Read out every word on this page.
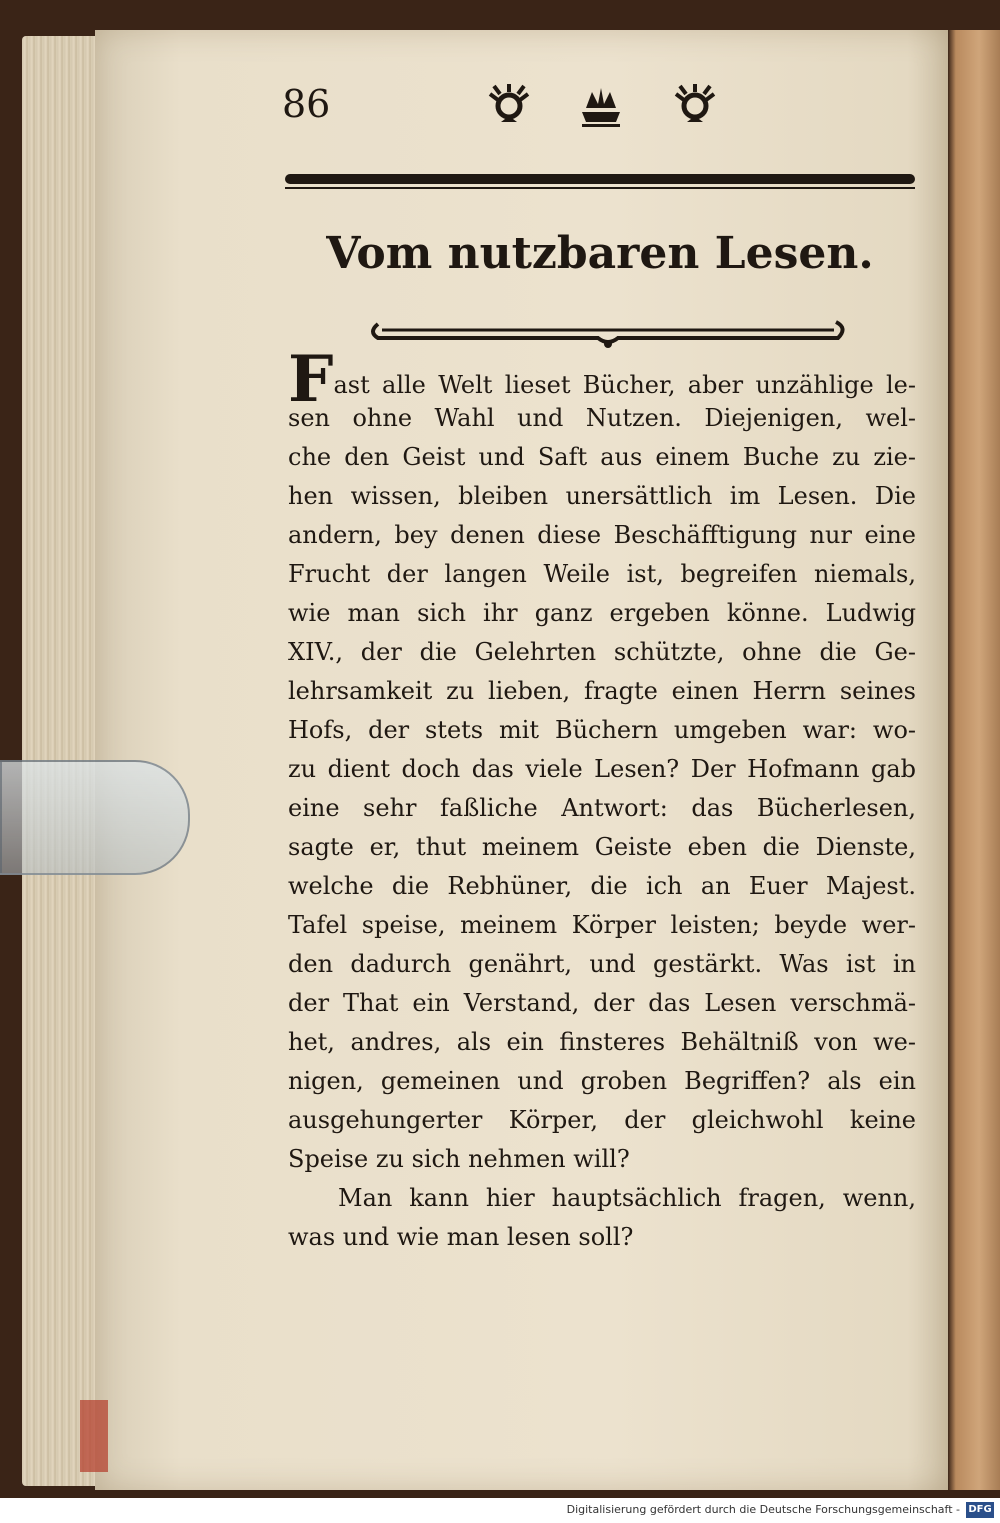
86
Vom nutzbaren Lesen.
Fast alle Welt lieset Bücher, aber unzählige le-
sen ohne Wahl und Nutzen. Diejenigen, wel-
che den Geist und Saft aus einem Buche zu zie-
hen wissen, bleiben unersättlich im Lesen. Die
andern, bey denen diese Beschäfftigung nur eine
Frucht der langen Weile ist, begreifen niemals,
wie man sich ihr ganz ergeben könne. Ludwig
XIV., der die Gelehrten schützte, ohne die Ge-
lehrsamkeit zu lieben, fragte einen Herrn seines
Hofs, der stets mit Büchern umgeben war: wo-
zu dient doch das viele Lesen? Der Hofmann gab
eine sehr faßliche Antwort: das Bücherlesen,
sagte er, thut meinem Geiste eben die Dienste,
welche die Rebhüner, die ich an Euer Majest.
Tafel speise, meinem Körper leisten; beyde wer-
den dadurch genährt, und gestärkt. Was ist in
der That ein Verstand, der das Lesen verschmä-
het, andres, als ein finsteres Behältniß von we-
nigen, gemeinen und groben Begriffen? als ein
ausgehungerter Körper, der gleichwohl keine
Speise zu sich nehmen will?
Man kann hier hauptsächlich fragen, wenn,
was und wie man lesen soll?
Digitalisierung gefördert durch die Deutsche Forschungsgemeinschaft - DFG
